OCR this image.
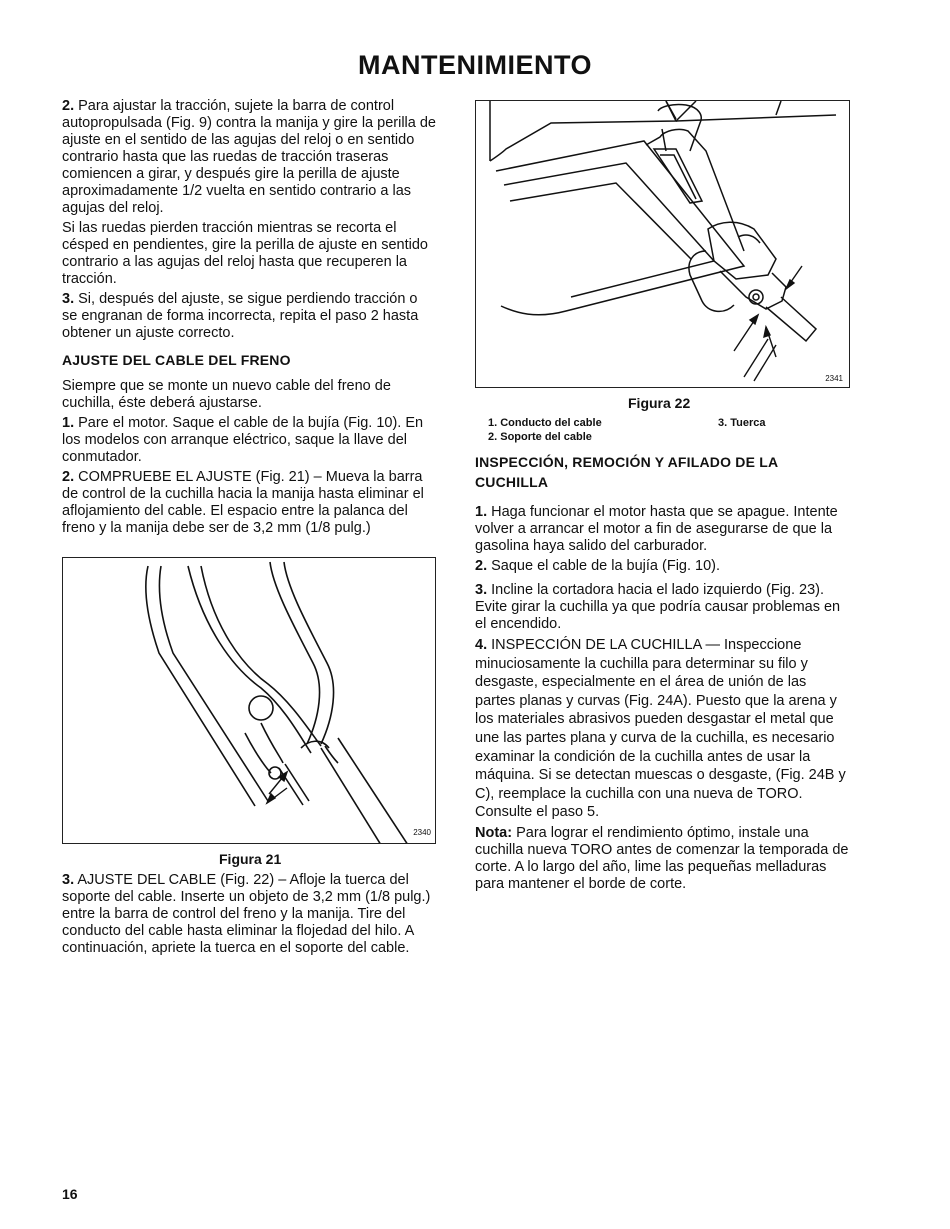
MANTENIMIENTO

2. Para ajustar la tracción, sujete la barra de control autopropulsada (Fig. 9) contra la manija y gire la perilla de ajuste en el sentido de las agujas del reloj o en sentido contrario hasta que las ruedas de tracción traseras comiencen a girar, y después gire la perilla de ajuste aproximadamente 1/2 vuelta en sentido contrario a las agujas del reloj.

Si las ruedas pierden tracción mientras se recorta el césped en pendientes, gire la perilla de ajuste en sentido contrario a las agujas del reloj hasta que recuperen la tracción.

3. Si, después del ajuste, se sigue perdiendo tracción o se engranan de forma incorrecta, repita el paso 2 hasta obtener un ajuste correcto.

AJUSTE DEL CABLE DEL FRENO

Siempre que se monte un nuevo cable del freno de cuchilla, éste deberá ajustarse.

1. Pare el motor. Saque el cable de la bujía (Fig. 10). En los modelos con arranque eléctrico, saque la llave del conmutador.

2. COMPRUEBE EL AJUSTE (Fig. 21) – Mueva la barra de control de la cuchilla hacia la manija hasta eliminar el aflojamiento del cable. El espacio entre la palanca del freno y la manija debe ser de 3,2 mm (1/8 pulg.)

2340
Figura 21

3. AJUSTE DEL CABLE (Fig. 22) – Afloje la tuerca del soporte del cable. Inserte un objeto de 3,2 mm (1/8 pulg.) entre la barra de control del freno y la manija. Tire del conducto del cable hasta eliminar la flojedad del hilo. A continuación, apriete la tuerca en el soporte del cable.

2341
Figura 22
1. Conducto del cable
2. Soporte del cable
3. Tuerca

INSPECCIÓN, REMOCIÓN Y AFILADO DE LA CUCHILLA

1. Haga funcionar el motor hasta que se apague. Intente volver a arrancar el motor a fin de asegurarse de que la gasolina haya salido del carburador.

2. Saque el cable de la bujía (Fig. 10).

3. Incline la cortadora hacia el lado izquierdo (Fig. 23). Evite girar la cuchilla ya que podría causar problemas en el encendido.

4. INSPECCIÓN DE LA CUCHILLA — Inspeccione minuciosamente la cuchilla para determinar su filo y desgaste, especialmente en el área de unión de las partes planas y curvas (Fig. 24A). Puesto que la arena y los materiales abrasivos pueden desgastar el metal que une las partes plana y curva de la cuchilla, es necesario examinar la condición de la cuchilla antes de usar la máquina. Si se detectan muescas o desgaste, (Fig. 24B y C), reemplace la cuchilla con una nueva de TORO. Consulte el paso 5.

Nota: Para lograr el rendimiento óptimo, instale una cuchilla nueva TORO antes de comenzar la temporada de corte. A lo largo del año, lime las pequeñas melladuras para mantener el borde de corte.

16
